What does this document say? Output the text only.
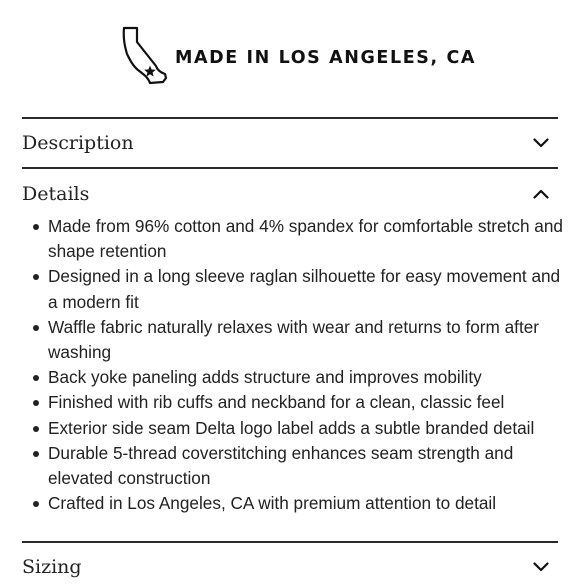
MADE IN LOS ANGELES, CA
Description
Details
Made from 96% cotton and 4% spandex for comfortable stretch and shape retention
Designed in a long sleeve raglan silhouette for easy movement and a modern fit
Waffle fabric naturally relaxes with wear and returns to form after washing
Back yoke paneling adds structure and improves mobility
Finished with rib cuffs and neckband for a clean, classic feel
Exterior side seam Delta logo label adds a subtle branded detail
Durable 5-thread coverstitching enhances seam strength and elevated construction
Crafted in Los Angeles, CA with premium attention to detail
Sizing
